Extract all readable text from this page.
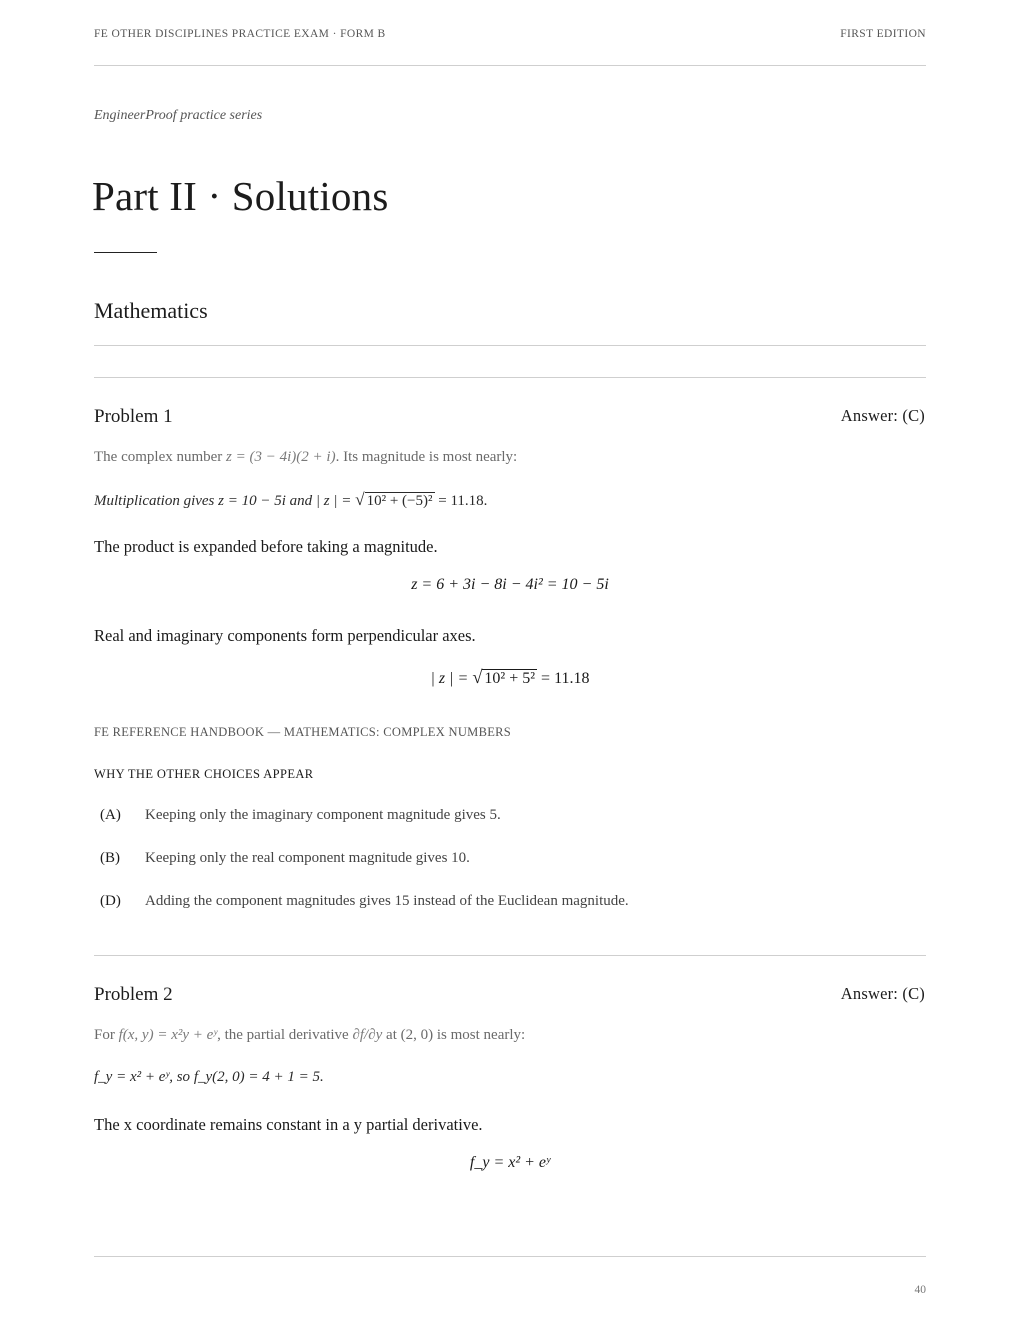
FE OTHER DISCIPLINES PRACTICE EXAM · FORM B	FIRST EDITION
EngineerProof practice series
Part II · Solutions
Mathematics
Problem 1	Answer: (C)
The complex number z = (3 − 4i)(2 + i). Its magnitude is most nearly:
Multiplication gives z = 10 − 5i and | z | = √ 10² + (−5)² = 11.18.
The product is expanded before taking a magnitude.
z = 6 + 3i − 8i − 4i² = 10 − 5i
Real and imaginary components form perpendicular axes.
| z | = √ 10² + 5² = 11.18
FE REFERENCE HANDBOOK — MATHEMATICS: COMPLEX NUMBERS
WHY THE OTHER CHOICES APPEAR
(A) Keeping only the imaginary component magnitude gives 5.
(B) Keeping only the real component magnitude gives 10.
(D) Adding the component magnitudes gives 15 instead of the Euclidean magnitude.
Problem 2	Answer: (C)
For f(x, y) = x²y + eʸ, the partial derivative ∂f/∂y at (2, 0) is most nearly:
f_y = x² + eʸ, so f_y(2, 0) = 4 + 1 = 5.
The x coordinate remains constant in a y partial derivative.
f_y = x² + eʸ
40
